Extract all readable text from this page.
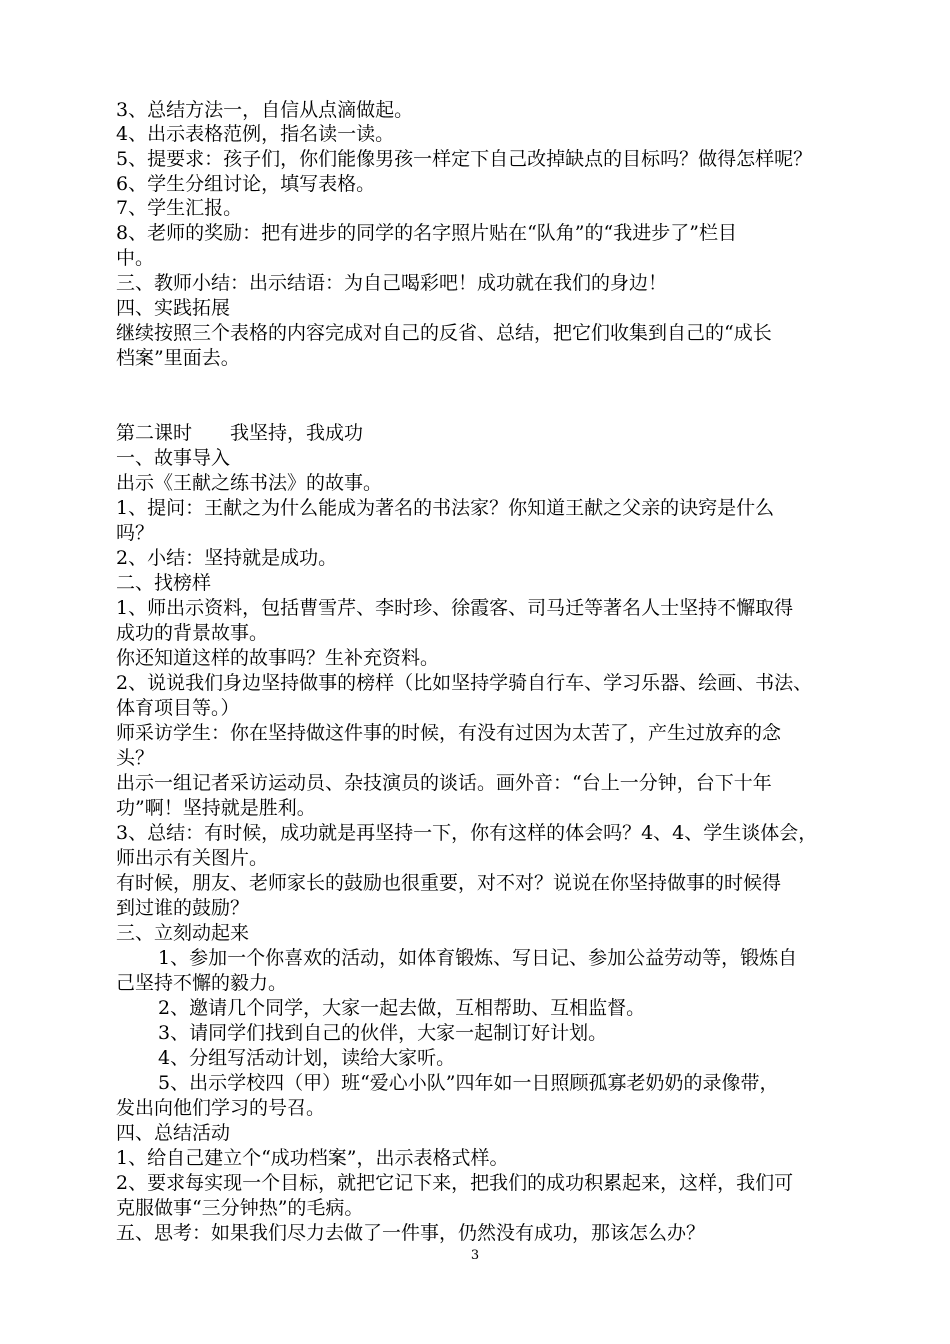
3、总结方法一，自信从点滴做起。
4、出示表格范例，指名读一读。
5、提要求：孩子们，你们能像男孩一样定下自己改掉缺点的目标吗？做得怎样呢？
6、学生分组讨论，填写表格。
7、学生汇报。
8、老师的奖励：把有进步的同学的名字照片贴在“队角”的“我进步了”栏目
中。
三、教师小结：出示结语：为自己喝彩吧！成功就在我们的身边！
四、实践拓展
继续按照三个表格的内容完成对自己的反省、总结，把它们收集到自己的“成长
档案”里面去。
第二课时　　我坚持，我成功
一、故事导入
出示《王献之练书法》的故事。
1、提问：王献之为什么能成为著名的书法家？你知道王献之父亲的诀窍是什么
吗？
2、小结：坚持就是成功。
二、找榜样
1、师出示资料，包括曹雪芹、李时珍、徐霞客、司马迁等著名人士坚持不懈取得
成功的背景故事。
你还知道这样的故事吗？生补充资料。
2、说说我们身边坚持做事的榜样（比如坚持学骑自行车、学习乐器、绘画、书法、
体育项目等。）
师采访学生：你在坚持做这件事的时候，有没有过因为太苦了，产生过放弃的念
头？
出示一组记者采访运动员、杂技演员的谈话。画外音：“台上一分钟，台下十年
功”啊！坚持就是胜利。
3、总结：有时候，成功就是再坚持一下，你有这样的体会吗？4、4、学生谈体会，
师出示有关图片。
有时候，朋友、老师家长的鼓励也很重要，对不对？说说在你坚持做事的时候得
到过谁的鼓励？
三、立刻动起来
1、参加一个你喜欢的活动，如体育锻炼、写日记、参加公益劳动等，锻炼自
己坚持不懈的毅力。
2、邀请几个同学，大家一起去做，互相帮助、互相监督。
3、请同学们找到自己的伙伴，大家一起制订好计划。
4、分组写活动计划，读给大家听。
5、出示学校四（甲）班“爱心小队”四年如一日照顾孤寡老奶奶的录像带，
发出向他们学习的号召。
四、总结活动
1、给自己建立个“成功档案”，出示表格式样。
2、要求每实现一个目标，就把它记下来，把我们的成功积累起来，这样，我们可
克服做事“三分钟热”的毛病。
五、思考：如果我们尽力去做了一件事，仍然没有成功，那该怎么办？
3
